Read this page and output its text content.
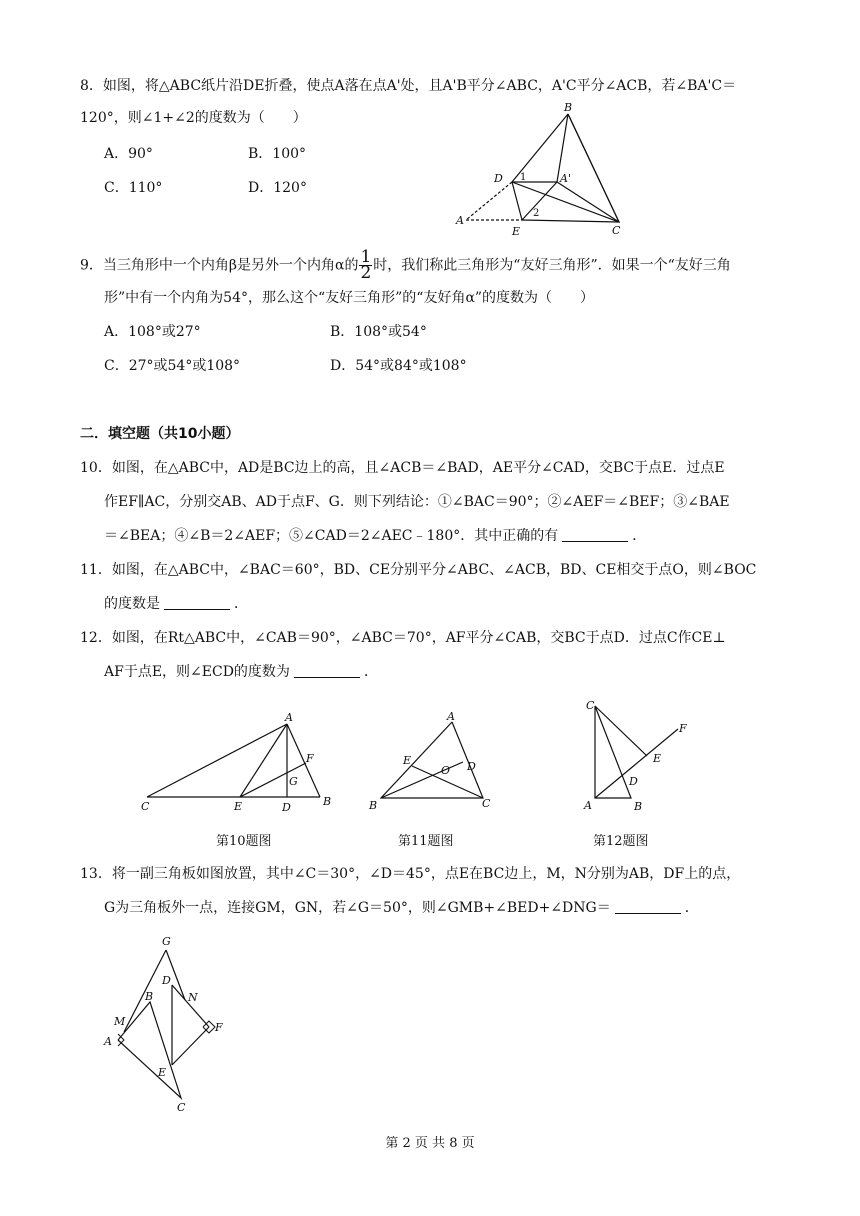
8．如图，将△ABC纸片沿DE折叠，使点A落在点A'处，且A'B平分∠ABC，A'C平分∠ACB，若∠BA'C＝
120°，则∠1+∠2的度数为（　　）
A．90°	B．100°
C．110°	D．120°
B
D	A'
A
E	C
1
2
9．当三角形中一个内角β是另外一个内角α的 $\frac{1}{2}$ 时，我们称此三角形为“友好三角形”．如果一个“友好三角
形”中有一个内角为54°，那么这个“友好三角形”的“友好角α”的度数为（　　）
A．108°或27°	B．108°或54°
C．27°或54°或108°	D．54°或84°或108°
二．填空题（共10小题）
10．如图，在△ABC中，AD是BC边上的高，且∠ACB＝∠BAD，AE平分∠CAD，交BC于点E．过点E
作EF∥AC，分别交AB、AD于点F、G．则下列结论：①∠BAC＝90°；②∠AEF＝∠BEF；③∠BAE
＝∠BEA；④∠B＝2∠AEF；⑤∠CAD＝2∠AEC﹣180°．其中正确的有	．
11．如图，在△ABC中，∠BAC＝60°，BD、CE分别平分∠ABC、∠ACB，BD、CE相交于点O，则∠BOC
的度数是	．
12．如图，在Rt△ABC中，∠CAB＝90°，∠ABC＝70°，AF平分∠CAB，交BC于点D．过点C作CE⊥
AF于点E，则∠ECD的度数为	．
A
C	E	D	B
F
G
A
E
O D
B	C
C
F
E
D
A	B
第10题图	第11题图	第12题图
13．将一副三角板如图放置，其中∠C＝30°，∠D＝45°，点E在BC边上，M，N分别为AB，DF上的点，
G为三角板外一点，连接GM，GN，若∠G＝50°，则∠GMB+∠BED+∠DNG＝	．
G
D
B	N
M	F
A
E
C
第 2 页 共 8 页
